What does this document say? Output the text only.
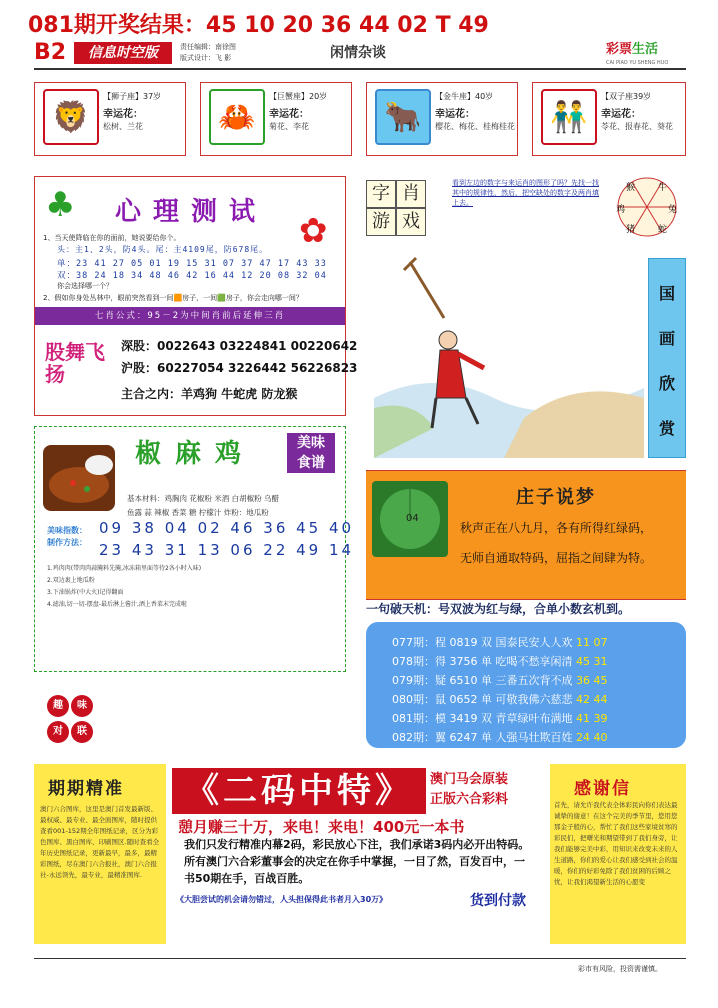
081期开奖结果：45 10 20 36 44 02 T 49
B2	信息时空版	责任编辑：南徐图
版式设计：飞 影	闲情杂谈	彩票生活
CAI PIAO YU SHENG HUO
🦁
【狮子座】37岁
幸运花：
松树、兰花	🦀
【巨蟹座】20岁
幸运花：
菊花、李花	🐂
【金牛座】40岁
幸运花：
樱花、梅花、桂梅桂花	👬
【双子座39岁
幸运花：
苓花、报春花、葵花
♣
✿
心理测试
1、当天使降临在你的面前，她说要给你个。
头：主1、2头，防4头。尾：主4109尾，防678尾。
单：23 41 27 05 01 19 15 31 07 37 47 17 43 33
双：38 24 18 34 48 46 42 16 44 12 20 08 32 04
你会选择哪一个？
2、假如你身处丛林中，眼前突然看到一间🟧房子，一间🟩房子，你会走向哪一间？
七肖公式：95－2为中间肖前后延伸三肖
股舞飞扬
深股：0022643 03224841 00220642
沪股：60227054 3226442 56226823
主合之内：羊鸡狗 牛蛇虎 防龙猴
字 肖
游 戏
看到左边的数字与来运肖的图形了吗？先找一找其中的规律性，然后，把空缺处的数字及两肖填上去。
猴	牛
兔
蛇
猪
鸡
国
画
欣
赏
椒麻鸡	美味
食谱
基本材料：鸡胸肉 花椒粉 米酒 白胡椒粉 乌醋
鱼露 蒜 辣椒 香菜 糖 柠檬汁 炸粉：地瓜粉
美味指数：
制作方法：
09 38 04 02 46 36 45 40
23 43 31 13 06 22 49 14
1.鸡肉肉(带肉肉蒜腌料先腌,冰冻箱里面等待2各小时入味)
2.双边裹上地瓜粉
3.下油锅炸(中大火)记得翻面
4.滤油,切一切-摆盘-最后淋上酱汁,洒上香菜末完成啦
趣	味
对	联
04
庄子说梦
秋声正在八九月，各有所得红绿码，
无师自通取特码，屈指之间肆为特。
一句破天机：号双波为红与绿，合单小数玄机到。
077期：程 0819 双 国泰民安人人欢 11 07
078期：得 3756 单 吃喝不愁享闲清 45 31
079期：疑 6510 单 三番五次背不成 36 45
080期：鼠 0652 单 可敬我佛六慈悲 42 44
081期：模 3419 双 青草绿叶布满地 41 39
082期：翼 6247 单 人强马壮欺百姓 24 40
期期精准
澳门六合图库，这里是澳门首发最新版、最权威、最专业、最全面图库，随时提供查看001-152期全年图纸记录，区分为彩色图库、黑白图库、印刷图区.随时查看全年历史图纸记录，更新最早，最多，最精彩图纸，尽在澳门六合报社，澳门六合报社-永远领先，最专业，最精准图库.
《二码中特》	澳门马会原装
正版六合彩料
憩月赚三十万，来电！来电！400元一本书
我们只发行精准内幕2码，彩民放心下注，我们承诺3码内必开出特码。所有澳门六合彩董事会的决定在你手中掌握，一目了然，百发百中，一书50期在手，百战百胜。
《大胆尝试的机会请勿错过，人头担保得此书者月入30万》	货到付款
感谢信
首先，请允许我代表全体彩民向你们表达最诚挚的谢意！在这个完美的季节里，您用您那金子般的心，帮忙了我们这些家境贫寒的彩民们，把曙光和期望带到了我们身旁，让我们能够完美中彩，用知识来改变未来的人生道路，你们的爱心让我们感受到社会的温暖，你们的好彩免除了我们贫困的后顾之忧，让我们渴望新生活的心愿变
彩市有风险，投资需谨慎。
